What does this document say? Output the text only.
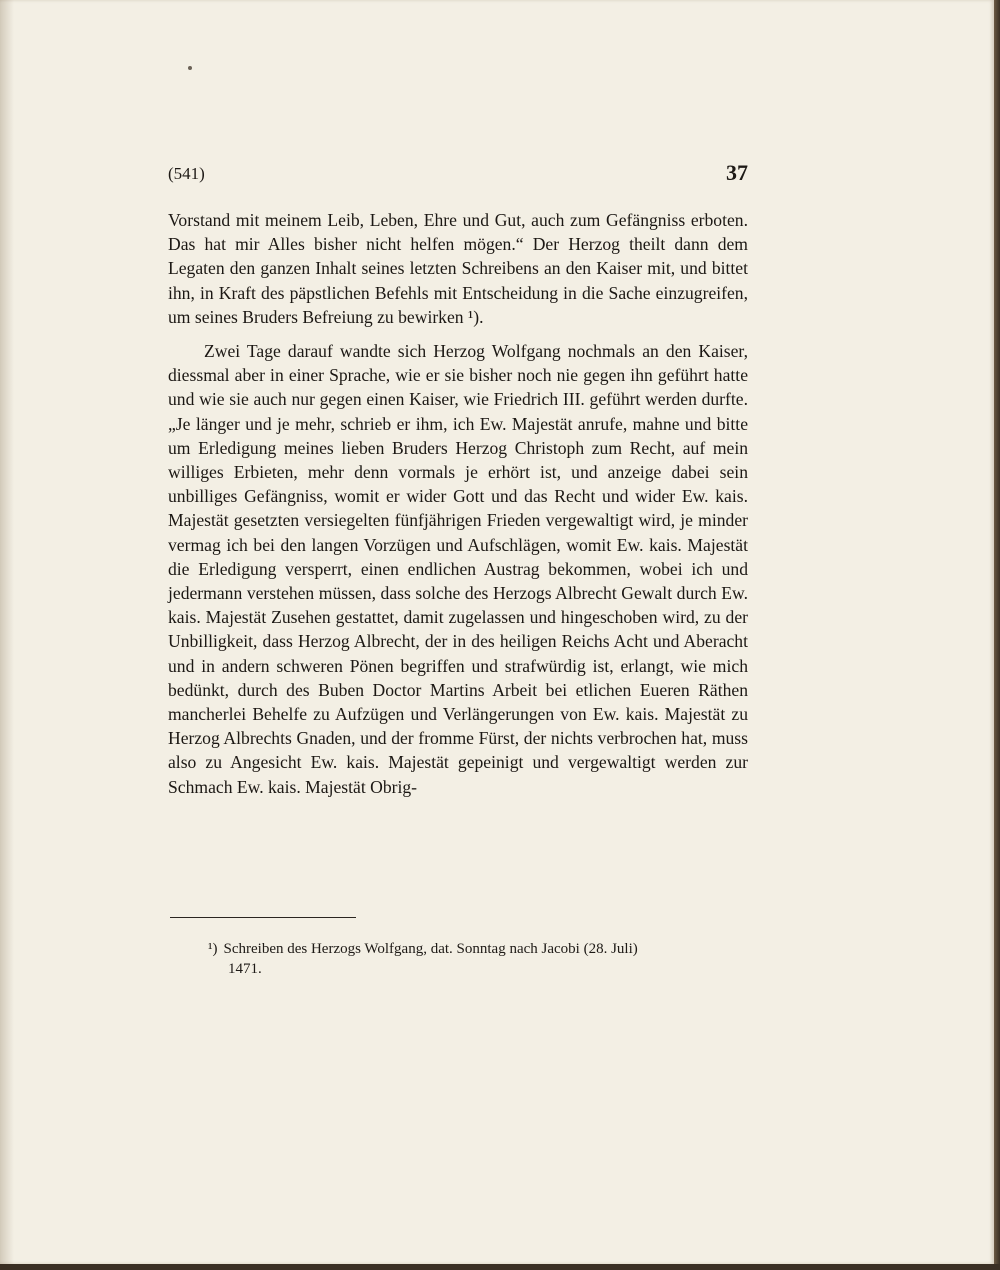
(541)	37

Vorstand mit meinem Leib, Leben, Ehre und Gut, auch zum Gefängniss erboten. Das hat mir Alles bisher nicht helfen mögen.“ Der Herzog theilt dann dem Legaten den ganzen Inhalt seines letzten Schreibens an den Kaiser mit, und bittet ihn, in Kraft des päpstlichen Befehls mit Entscheidung in die Sache einzugreifen, um seines Bruders Befreiung zu bewirken ¹).

Zwei Tage darauf wandte sich Herzog Wolfgang nochmals an den Kaiser, diessmal aber in einer Sprache, wie er sie bisher noch nie gegen ihn geführt hatte und wie sie auch nur gegen einen Kaiser, wie Friedrich III. geführt werden durfte. „Je länger und je mehr, schrieb er ihm, ich Ew. Majestät anrufe, mahne und bitte um Erledigung meines lieben Bruders Herzog Christoph zum Recht, auf mein williges Erbieten, mehr denn vormals je erhört ist, und anzeige dabei sein unbilliges Gefängniss, womit er wider Gott und das Recht und wider Ew. kais. Majestät gesetzten versiegelten fünfjährigen Frieden vergewaltigt wird, je minder vermag ich bei den langen Vorzügen und Aufschlägen, womit Ew. kais. Majestät die Erledigung versperrt, einen endlichen Austrag bekommen, wobei ich und jedermann verstehen müssen, dass solche des Herzogs Albrecht Gewalt durch Ew. kais. Majestät Zusehen gestattet, damit zugelassen und hingeschoben wird, zu der Unbilligkeit, dass Herzog Albrecht, der in des heiligen Reichs Acht und Aberacht und in andern schweren Pönen begriffen und strafwürdig ist, erlangt, wie mich bedünkt, durch des Buben Doctor Martins Arbeit bei etlichen Eueren Räthen mancherlei Behelfe zu Aufzügen und Verlängerungen von Ew. kais. Majestät zu Herzog Albrechts Gnaden, und der fromme Fürst, der nichts verbrochen hat, muss also zu Angesicht Ew. kais. Majestät gepeinigt und vergewaltigt werden zur Schmach Ew. kais. Majestät Obrig-

¹) Schreiben des Herzogs Wolfgang, dat. Sonntag nach Jacobi (28. Juli)
1471.
